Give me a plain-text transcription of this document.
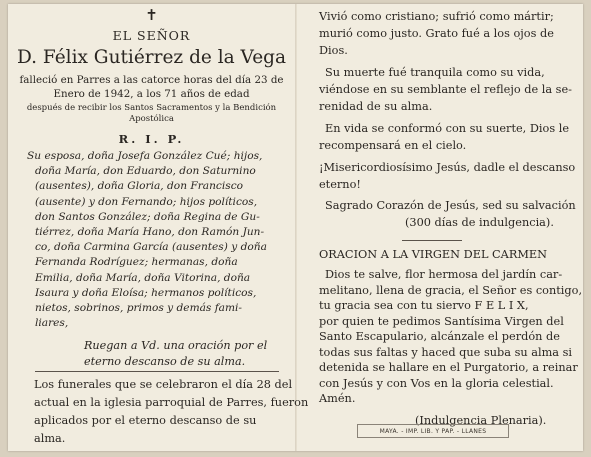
✝

EL SEÑOR

D. Félix Gutiérrez de la Vega

falleció en Parres a las catorce horas del día 23 de

Enero de 1942, a los 71 años de edad

después de recibir los Santos Sacramentos y la Bendición

Apostólica

R. I. P.

Su esposa, doña Josefa González Cué; hijos,

doña María, don Eduardo, don Saturnino

(ausentes), doña Gloria, don Francisco

(ausente) y don Fernando; hijos políticos,

don Santos González; doña Regina de Gu-

tiérrez, doña María Hano, don Ramón Jun-

co, doña Carmina García (ausentes) y doña

Fernanda Rodríguez; hermanas, doña

Emilia, doña María, doña Vitorina, doña

Isaura y doña Eloísa; hermanos políticos,

nietos, sobrinos, primos y demás fami-

liares,

Los funerales que se celebraron el día 28 del

actual en la iglesia parroquial de Parres, fueron

aplicados por el eterno descanso de su

alma.

Vivió como cristiano; sufrió como mártir;

murió como justo. Grato fué a los ojos de

Dios.

Su muerte fué tranquila como su vida,

viéndose en su semblante el reflejo de la se-

renidad de su alma.

En vida se conformó con su suerte, Dios le

recompensará en el cielo.

¡Misericordiosísimo Jesús, dadle el descanso

eterno!

Sagrado Corazón de Jesús, sed su salvación

(300 días de indulgencia).

ORACION A LA VIRGEN DEL CARMEN

Dios te salve, flor hermosa del jardín car-

melitano, llena de gracia, el Señor es contigo,

tu gracia sea con tu siervo F E L I X,

por quien te pedimos Santísima Virgen del

Santo Escapulario, alcánzale el perdón de

todas sus faltas y haced que suba su alma si

detenida se hallare en el Purgatorio, a reinar

con Jesús y con Vos en la gloria celestial.

Amén.

(Indulgencia Plenaria).

MAYA. - IMP. LIB. Y PAP. - LLANES

Ruegan a Vd. una oración por el

eterno descanso de su alma.
